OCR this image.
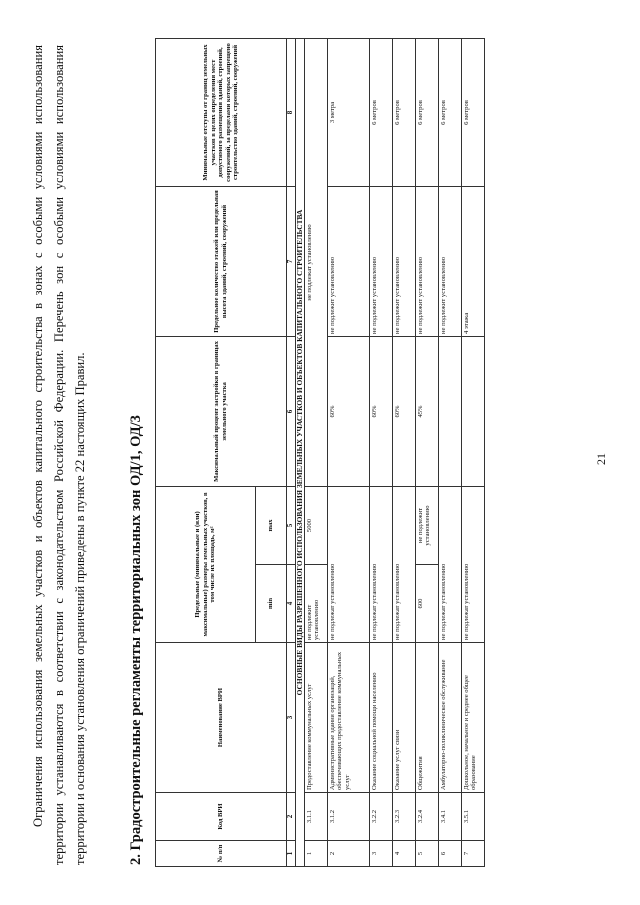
21
Ограничения использования земельных участков и объектов капитального строительства в зонах с особыми условиями использования территории устанавливаются в соответствии с законодательством Российской Федерации. Перечень зон с особыми условиями использования территории и основания установления ограничений приведены в пункте 22 настоящих Правил.	2. Градостроительные регламенты территориальных зон ОД/1, ОД/3	№ п/п	Код ВРИ	Наименование ВРИ	Предельные (минимальные и (или) максимальные) размеры земельных участков, в том числе их площадь, м²		Максимальный процент застройки в границах земельного участка	Предельное количество этажей или предельная высота зданий, строений, сооружений	Минимальные отступы от границ земельных участков в целях определения мест допустимого размещения зданий, строений, сооружений, за пределами которых запрещено строительство зданий, строений, сооружений
			min	max			
1	2	3	4	5	6	7	8
ОСНОВНЫЕ ВИДЫ РАЗРЕШЕННОГО ИСПОЛЬЗОВАНИЯ ЗЕМЕЛЬНЫХ УЧАСТКОВ И ОБЪЕКТОВ КАПИТАЛЬНОГО СТРОИТЕЛЬСТВА							
1	3.1.1	Предоставление коммунальных услуг	не подлежит установлению	5000	не подлежат установлению		
2	3.1.2	Административные здания организаций, обеспечивающих предоставление коммунальных услуг	не подлежат установлению		60%	не подлежит установлению	3 метра
3	3.2.2	Оказание социальной помощи населению	не подлежат установлению		60%	не подлежит установлению	6 метров
4	3.2.3	Оказание услуг связи	не подлежат установлению		60%	не подлежит установлению	6 метров
5	3.2.4	Общежития	600	не подлежит установлению	45%	не подлежит установлению	6 метров
6	3.4.1	Амбулаторно-поликлиническое обслуживание	не подлежат установлению			не подлежит установлению	6 метров
7	3.5.1	Дошкольное, начальное и среднее общее образование	не подлежат установлению			4 этажа	6 метров
